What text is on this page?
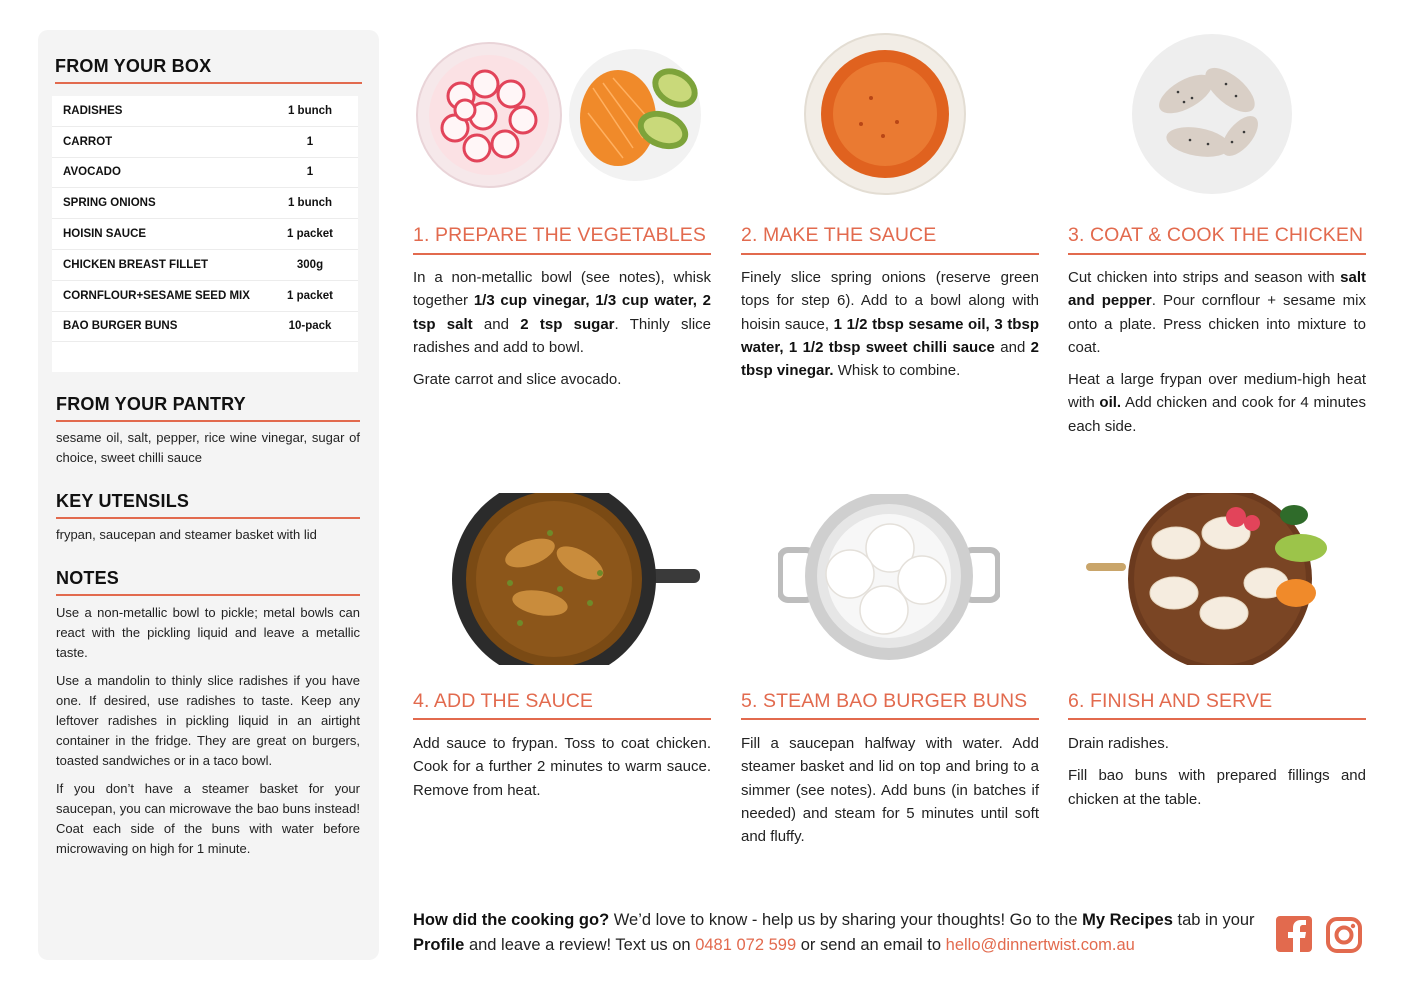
FROM YOUR BOX
RADISHES	1 bunch
CARROT	1
AVOCADO	1
SPRING ONIONS	1 bunch
HOISIN SAUCE	1 packet
CHICKEN BREAST FILLET	300g
CORNFLOUR+SESAME SEED MIX	1 packet
BAO BURGER BUNS	10-pack
FROM YOUR PANTRY
sesame oil, salt, pepper, rice wine vinegar, sugar of choice, sweet chilli sauce
KEY UTENSILS
frypan, saucepan and steamer basket with lid
NOTES

Use a non-metallic bowl to pickle; metal bowls can react with the pickling liquid and leave a metallic taste.

Use a mandolin to thinly slice radishes if you have one. If desired, use radishes to taste. Keep any leftover radishes in pickling liquid in an airtight container in the fridge. They are great on burgers, toasted sandwiches or in a taco bowl.

If you don’t have a steamer basket for your saucepan, you can microwave the bao buns instead! Coat each side of the buns with water before microwaving on high for 1 minute.

1. PREPARE THE VEGETABLES

In a non-metallic bowl (see notes), whisk together 1/3 cup vinegar, 1/3 cup water, 2 tsp salt and 2 tsp sugar. Thinly slice radishes and add to bowl.

Grate carrot and slice avocado.

2. MAKE THE SAUCE

Finely slice spring onions (reserve green tops for step 6). Add to a bowl along with hoisin sauce, 1 1/2 tbsp sesame oil, 3 tbsp water, 1 1/2 tbsp sweet chilli sauce and 2 tbsp vinegar. Whisk to combine.

3. COAT & COOK THE CHICKEN

Cut chicken into strips and season with salt and pepper. Pour cornflour + sesame mix onto a plate. Press chicken into mixture to coat.

Heat a large frypan over medium-high heat with oil. Add chicken and cook for 4 minutes each side.

4. ADD THE SAUCE

Add sauce to frypan. Toss to coat chicken. Cook for a further 2 minutes to warm sauce. Remove from heat.

5. STEAM BAO BURGER BUNS

Fill a saucepan halfway with water. Add steamer basket and lid on top and bring to a simmer (see notes). Add buns (in batches if needed) and steam for 5 minutes until soft and fluffy.

6. FINISH AND SERVE

Drain radishes.

Fill bao buns with prepared fillings and chicken at the table.

How did the cooking go? We’d love to know - help us by sharing your thoughts! Go to the My Recipes tab in your Profile and leave a review! Text us on 0481 072 599 or send an email to hello@dinnertwist.com.au
